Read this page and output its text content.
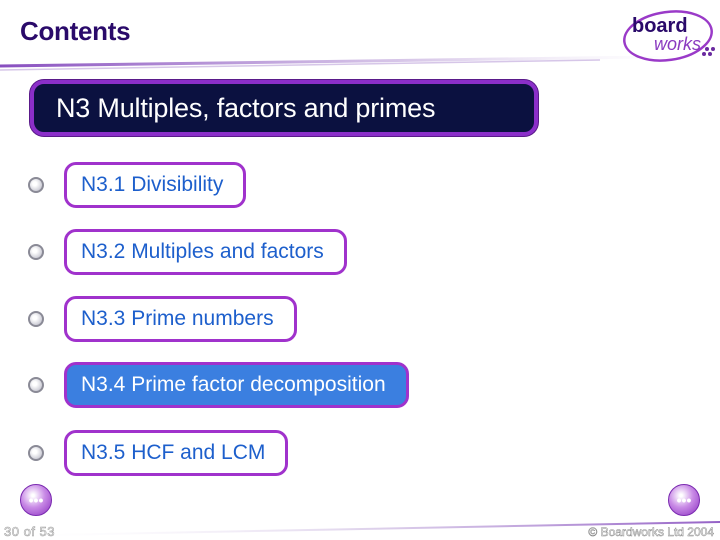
Contents	board
works
N3 Multiples, factors and primes
N3.1 Divisibility
N3.2 Multiples and factors
N3.3 Prime numbers
N3.4 Prime factor decomposition
N3.5 HCF and LCM
•••	•••
30 of 53	© Boardworks Ltd 2004
